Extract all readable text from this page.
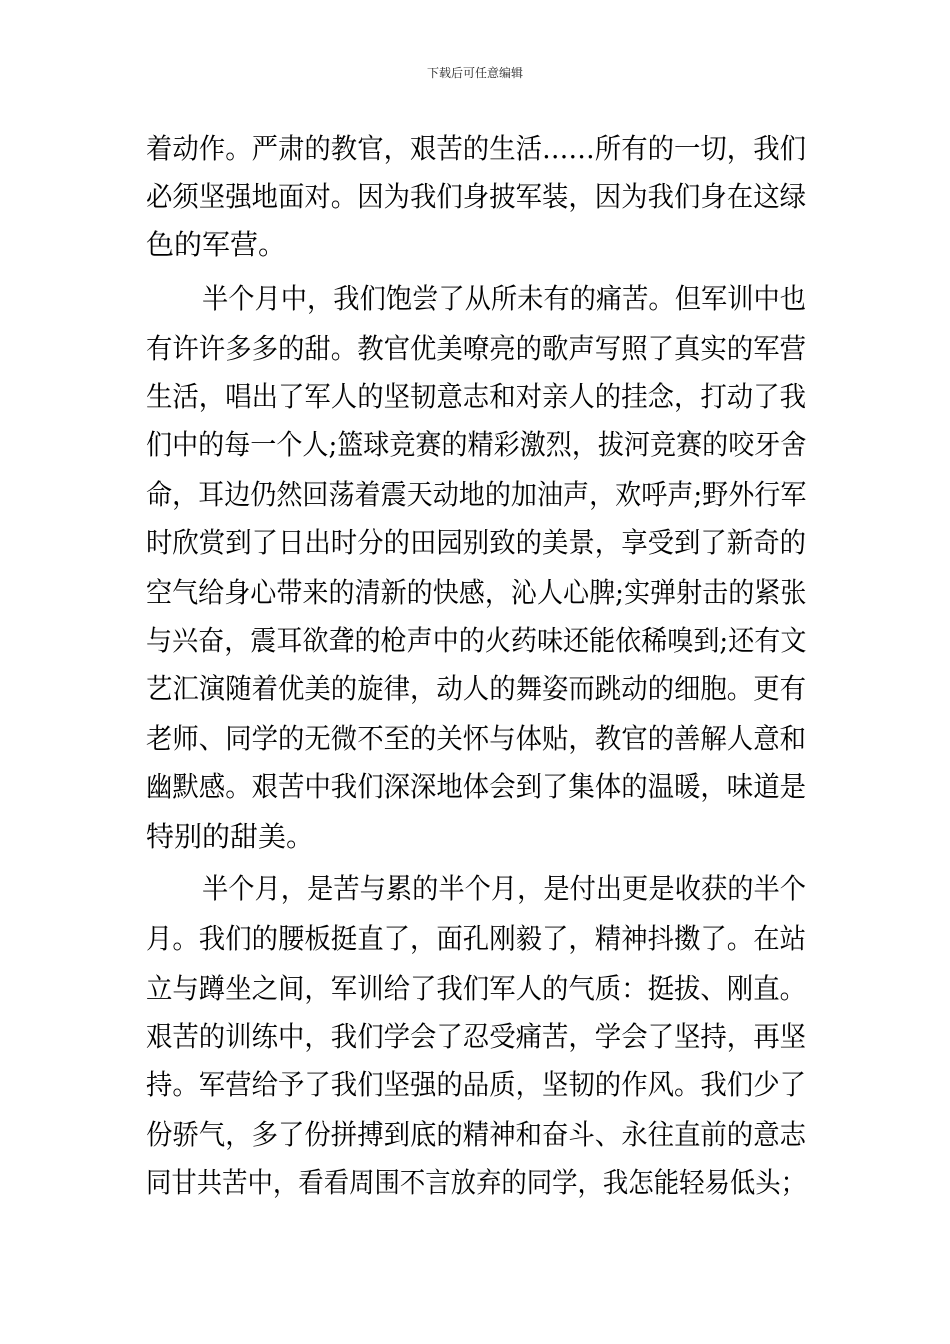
下载后可任意编辑
着动作。严肃的教官，艰苦的生活……所有的一切，我们
必须坚强地面对。因为我们身披军装，因为我们身在这绿
色的军营。
半个月中，我们饱尝了从所未有的痛苦。但军训中也
有许许多多的甜。教官优美嘹亮的歌声写照了真实的军营
生活，唱出了军人的坚韧意志和对亲人的挂念，打动了我
们中的每一个人;篮球竞赛的精彩激烈，拔河竞赛的咬牙舍
命，耳边仍然回荡着震天动地的加油声，欢呼声;野外行军
时欣赏到了日出时分的田园别致的美景，享受到了新奇的
空气给身心带来的清新的快感，沁人心脾;实弹射击的紧张
与兴奋，震耳欲聋的枪声中的火药味还能依稀嗅到;还有文
艺汇演随着优美的旋律，动人的舞姿而跳动的细胞。更有
老师、同学的无微不至的关怀与体贴，教官的善解人意和
幽默感。艰苦中我们深深地体会到了集体的温暖，味道是
特别的甜美。
半个月，是苦与累的半个月，是付出更是收获的半个
月。我们的腰板挺直了，面孔刚毅了，精神抖擞了。在站
立与蹲坐之间，军训给了我们军人的气质：挺拔、刚直。
艰苦的训练中，我们学会了忍受痛苦，学会了坚持，再坚
持。军营给予了我们坚强的品质，坚韧的作风。我们少了
份骄气，多了份拼搏到底的精神和奋斗、永往直前的意志
同甘共苦中，看看周围不言放弃的同学，我怎能轻易低头；
